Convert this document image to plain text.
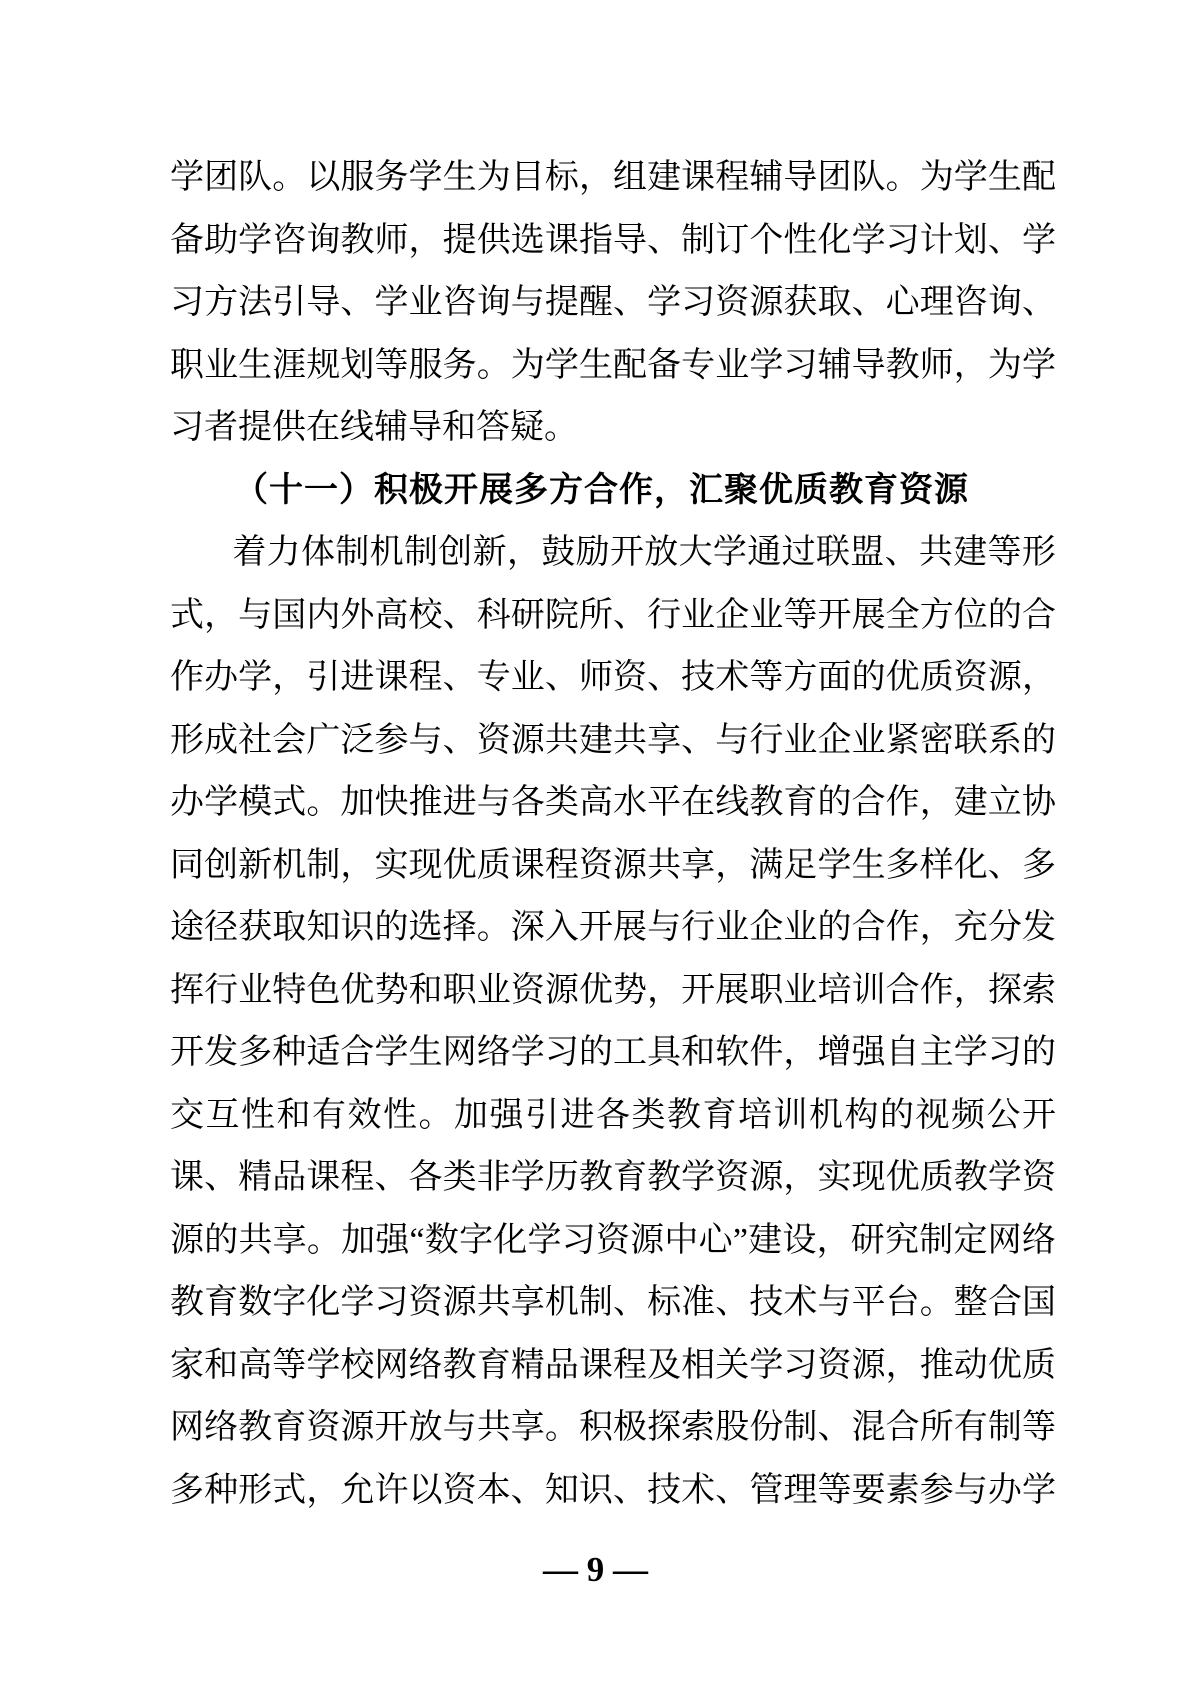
学 团 队 。 以 服 务 学 生 为 目 标 ， 组 建 课 程 辅 导 团 队 。 为 学 生 配
备 助 学 咨 询 教 师 ， 提 供 选 课 指 导 、 制 订 个 性 化 学 习 计 划 、 学
习 方 法 引 导 、 学 业 咨 询 与 提 醒 、 学 习 资 源 获 取 、 心 理 咨 询 、
职 业 生 涯 规 划 等 服 务 。 为 学 生 配 备 专 业 学 习 辅 导 教 师 ， 为 学
习者提供在线辅导和答疑。
（十一）积极开展多方合作，汇聚优质教育资源
着 力 体 制 机 制 创 新 ， 鼓 励 开 放 大 学 通 过 联 盟 、 共 建 等 形
式 ， 与 国 内 外 高 校 、 科 研 院 所 、 行 业 企 业 等 开 展 全 方 位 的 合
作 办 学 ， 引 进 课 程 、 专 业 、 师 资 、 技 术 等 方 面 的 优 质 资 源 ，
形 成 社 会 广 泛 参 与 、 资 源 共 建 共 享 、 与 行 业 企 业 紧 密 联 系 的
办 学 模 式 。 加 快 推 进 与 各 类 高 水 平 在 线 教 育 的 合 作 ， 建 立 协
同 创 新 机 制 ， 实 现 优 质 课 程 资 源 共 享 ， 满 足 学 生 多 样 化 、 多
途 径 获 取 知 识 的 选 择 。 深 入 开 展 与 行 业 企 业 的 合 作 ， 充 分 发
挥 行 业 特 色 优 势 和 职 业 资 源 优 势 ， 开 展 职 业 培 训 合 作 ， 探 索
开 发 多 种 适 合 学 生 网 络 学 习 的 工 具 和 软 件 ， 增 强 自 主 学 习 的
交 互 性 和 有 效 性 。 加 强 引 进 各 类 教 育 培 训 机 构 的 视 频 公 开
课 、 精 品 课 程 、 各 类 非 学 历 教 育 教 学 资 源 ， 实 现 优 质 教 学 资
源 的 共 享 。 加 强 “ 数 字 化 学 习 资 源 中 心 ” 建 设 ， 研 究 制 定 网 络
教 育 数 字 化 学 习 资 源 共 享 机 制 、 标 准 、 技 术 与 平 台 。 整 合 国
家 和 高 等 学 校 网 络 教 育 精 品 课 程 及 相 关 学 习 资 源 ， 推 动 优 质
网 络 教 育 资 源 开 放 与 共 享 。 积 极 探 索 股 份 制 、 混 合 所 有 制 等
多 种 形 式 ， 允 许 以 资 本 、 知 识 、 技 术 、 管 理 等 要 素 参 与 办 学
— 9 —
